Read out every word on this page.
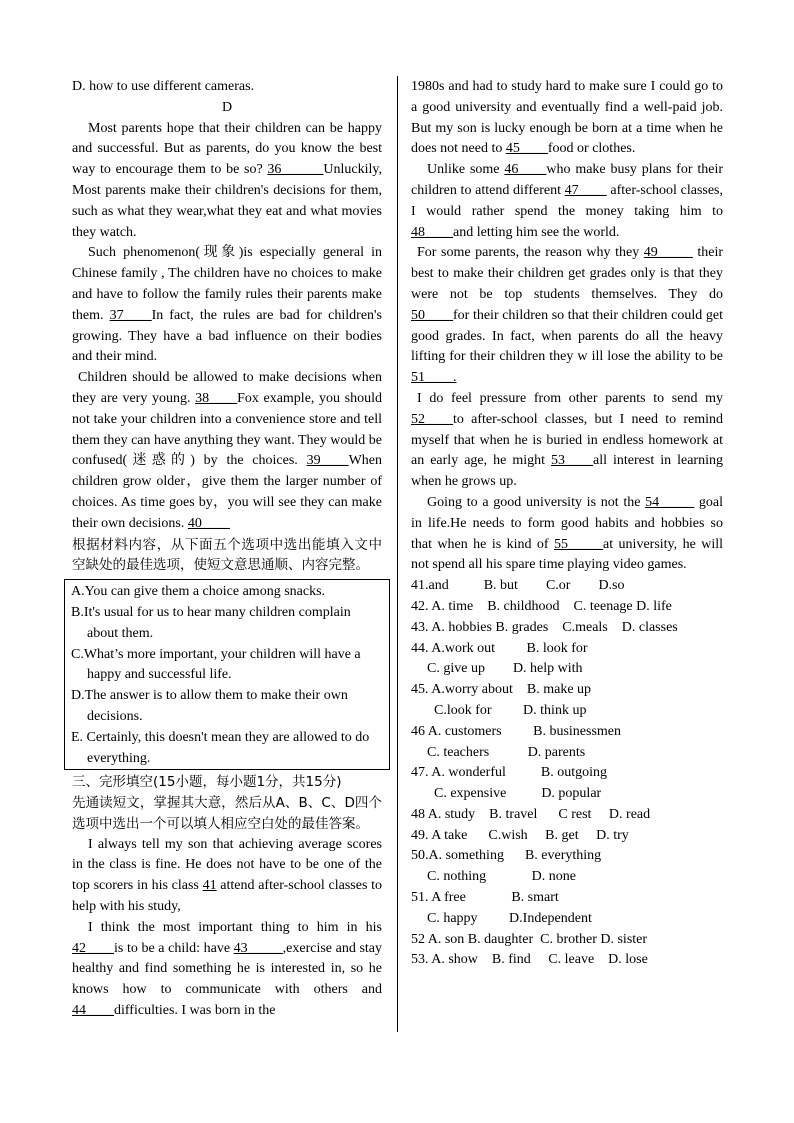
D. how to use different cameras.

D

Most parents hope that their children can be happy and successful. But as parents, do you know the best way to encourage them to be so? 36______Unluckily, Most parents make their children's decisions for them, such as what they wear,what they eat and what movies they watch.

Such phenomenon(现象)is especially general in Chinese family , The children have no choices to make and have to follow the family rules their parents make them. 37____In fact, the rules are bad for children's growing. They have a bad influence on their bodies and their mind.

Children should be allowed to make decisions when they are very young. 38____Fox example, you should not take your children into a convenience store and tell them they can have anything they want. They would be confused(迷惑的) by the choices. 39____When children grow older，give them the larger number of choices. As time goes by，you will see they can make their own decisions. 40____

根据材料内容，从下面五个选项中选出能填入文中空缺处的最佳选项，使短文意思通顺、内容完整。

A.You can give them a choice among snacks.

B.It's usual for us to hear many children complain about them.

C.What’s more important, your children will have a happy and successful life.

D.The answer is to allow them to make their own decisions.

E. Certainly, this doesn't mean they are allowed to do everything.

三、完形填空(15小题，每小题1分，共15分)

先通读短文，掌握其大意，然后从A、B、C、D四个选项中选出一个可以填人相应空白处的最佳答案。

I always tell my son that achieving average scores in the class is fine. He does not have to be one of the top scorers in his class 41 attend after-school classes to help with his study,

I think the most important thing to him in his 42____is to be a child: have 43_____,exercise and stay healthy and find something he is interested in, so he knows how to communicate with others and 44____difficulties. I was born in the

1980s and had to study hard to make sure I could go to a good university and eventually find a well-paid job. But my son is lucky enough be born at a time when he does not need to 45____food or clothes.

Unlike some 46____who make busy plans for their children to attend different 47____ after-school classes, I would rather spend the money taking him to 48____and letting him see the world.

For some parents, the reason why they 49_____ their best to make their children get grades only is that they were not be top students themselves. They do 50____for their children so that their children could get good grades. In fact, when parents do all the heavy lifting for their children they w ill lose the ability to be 51____.

I do feel pressure from other parents to send my 52____to after-school classes, but I need to remind myself that when he is buried in endless homework at an early age, he might 53____all interest in learning when he grows up.

Going to a good university is not the 54_____ goal in life.He needs to form good habits and hobbies so that when he is kind of 55_____at university, he will not spend all his spare time playing video games.

41.and          B. but        C.or        D.so

42. A. time    B. childhood    C. teenage D. life

43. A. hobbies B. grades    C.meals    D. classes

44. A.work out         B. look for

C. give up        D. help with

45. A.worry about    B. make up

C.look for         D. think up

46 A. customers         B. businessmen

C. teachers           D. parents

47. A. wonderful          B. outgoing

C. expensive          D. popular

48 A. study    B. travel      C rest     D. read

49. A take      C.wish     B. get     D. try

50.A. something      B. everything

C. nothing             D. none

51. A free             B. smart

C. happy         D.Independent

52 A. son B. daughter  C. brother D. sister

53. A. show    B. find     C. leave    D. lose
